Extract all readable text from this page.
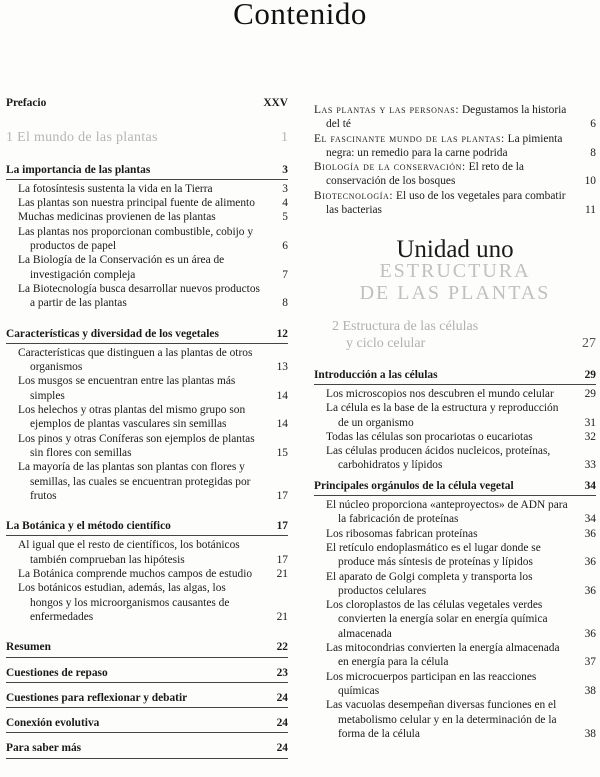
Contenido
Prefacio	XXV
1 El mundo de las plantas	1
La importancia de las plantas	3
La fotosíntesis sustenta la vida en la Tierra	3
Las plantas son nuestra principal fuente de alimento	4
Muchas medicinas provienen de las plantas	5
Las plantas nos proporcionan combustible, cobijo y productos de papel	6
La Biología de la Conservación es un área de investigación compleja	7
La Biotecnología busca desarrollar nuevos productos a partir de las plantas	8
Características y diversidad de los vegetales	12
Características que distinguen a las plantas de otros organismos	13
Los musgos se encuentran entre las plantas más simples	14
Los helechos y otras plantas del mismo grupo son ejemplos de plantas vasculares sin semillas	14
Los pinos y otras Coníferas son ejemplos de plantas sin flores con semillas	15
La mayoría de las plantas son plantas con flores y semillas, las cuales se encuentran protegidas por frutos	17
La Botánica y el método científico	17
Al igual que el resto de científicos, los botánicos también comprueban las hipótesis	17
La Botánica comprende muchos campos de estudio	21
Los botánicos estudian, además, las algas, los hongos y los microorganismos causantes de enfermedades	21
Resumen	22
Cuestiones de repaso	23
Cuestiones para reflexionar y debatir	24
Conexión evolutiva	24
Para saber más	24
Las plantas y las personas: Degustamos la historia del té	6
El fascinante mundo de las plantas: La pimienta negra: un remedio para la carne podrida	8
Biología de la conservación: El reto de la conservación de los bosques	10
Biotecnología: El uso de los vegetales para combatir las bacterias	11
Unidad uno
ESTRUCTURA
DE LAS PLANTAS
2 Estructura de las células
y ciclo celular	27
Introducción a las células	29
Los microscopios nos descubren el mundo celular	29
La célula es la base de la estructura y reproducción de un organismo	31
Todas las células son procariotas o eucariotas	32
Las células producen ácidos nucleicos, proteínas, carbohidratos y lípidos	33
Principales orgánulos de la célula vegetal	34
El núcleo proporciona «anteproyectos» de ADN para la fabricación de proteínas	34
Los ribosomas fabrican proteínas	36
El retículo endoplasmático es el lugar donde se produce más síntesis de proteínas y lípidos	36
El aparato de Golgi completa y transporta los productos celulares	36
Los cloroplastos de las células vegetales verdes convierten la energía solar en energía química almacenada	36
Las mitocondrias convierten la energía almacenada en energía para la célula	37
Los microcuerpos participan en las reacciones químicas	38
Las vacuolas desempeñan diversas funciones en el metabolismo celular y en la determinación de la forma de la célula	38
